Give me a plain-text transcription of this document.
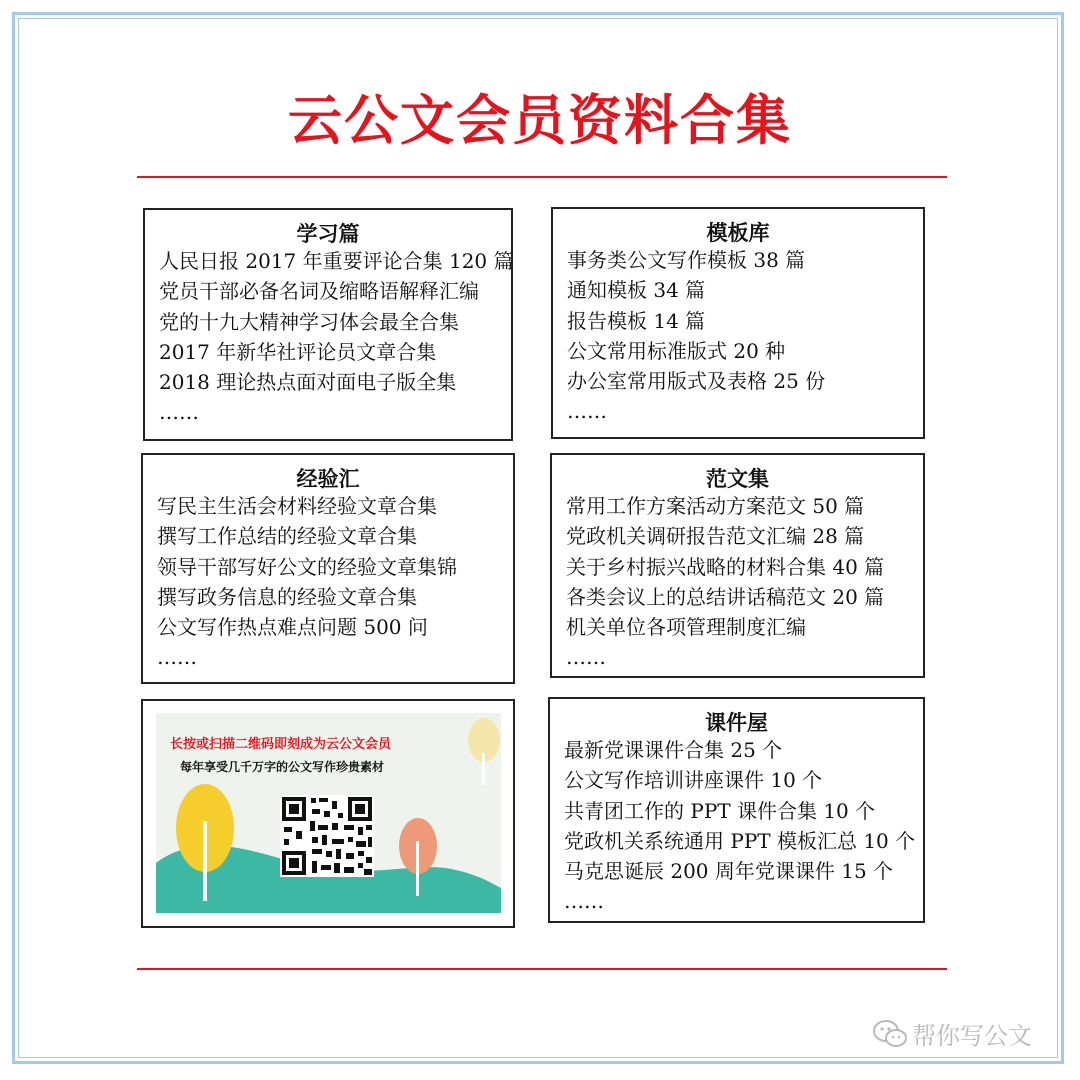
云公文会员资料合集
学习篇
人民日报 2017 年重要评论合集 120 篇
党员干部必备名词及缩略语解释汇编
党的十九大精神学习体会最全合集
2017 年新华社评论员文章合集
2018 理论热点面对面电子版全集
……
模板库
事务类公文写作模板 38 篇
通知模板 34 篇
报告模板 14 篇
公文常用标准版式 20 种
办公室常用版式及表格 25 份
……
经验汇
写民主生活会材料经验文章合集
撰写工作总结的经验文章合集
领导干部写好公文的经验文章集锦
撰写政务信息的经验文章合集
公文写作热点难点问题 500 问
……
范文集
常用工作方案活动方案范文 50 篇
党政机关调研报告范文汇编 28 篇
关于乡村振兴战略的材料合集 40 篇
各类会议上的总结讲话稿范文 20 篇
机关单位各项管理制度汇编
……
长按或扫描二维码即刻成为云公文会员
每年享受几千万字的公文写作珍贵素材
课件屋
最新党课课件合集 25 个
公文写作培训讲座课件 10 个
共青团工作的 PPT 课件合集 10 个
党政机关系统通用 PPT 模板汇总 10 个
马克思诞辰 200 周年党课课件 15 个
……
帮你写公文
